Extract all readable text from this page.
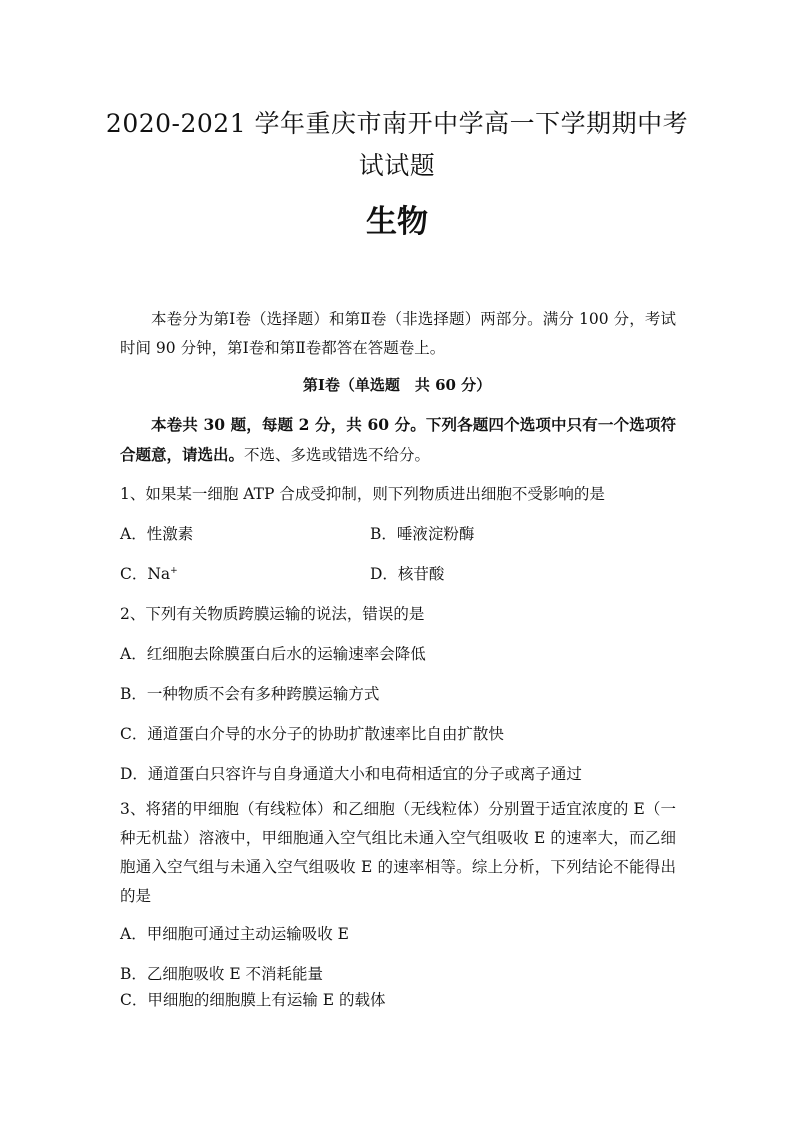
2020-2021 学年重庆市南开中学高一下学期期中考
试试题
生物
本卷分为第Ⅰ卷（选择题）和第Ⅱ卷（非选择题）两部分。满分 100 分，考试时间 90 分钟，第Ⅰ卷和第Ⅱ卷都答在答题卷上。
第Ⅰ卷（单选题　共 60 分）
本卷共 30 题，每题 2 分，共 60 分。下列各题四个选项中只有一个选项符合题意，请选出。不选、多选或错选不给分。
1、如果某一细胞 ATP 合成受抑制，则下列物质进出细胞不受影响的是
A．性激素	B．唾液淀粉酶
C．Na+	D．核苷酸
2、下列有关物质跨膜运输的说法，错误的是
A．红细胞去除膜蛋白后水的运输速率会降低
B．一种物质不会有多种跨膜运输方式
C．通道蛋白介导的水分子的协助扩散速率比自由扩散快
D．通道蛋白只容许与自身通道大小和电荷相适宜的分子或离子通过
3、将猪的甲细胞（有线粒体）和乙细胞（无线粒体）分别置于适宜浓度的 E（一种无机盐）溶液中，甲细胞通入空气组比未通入空气组吸收 E 的速率大，而乙细胞通入空气组与未通入空气组吸收 E 的速率相等。综上分析，下列结论不能得出的是
A．甲细胞可通过主动运输吸收 E
B．乙细胞吸收 E 不消耗能量
C．甲细胞的细胞膜上有运输 E 的载体
